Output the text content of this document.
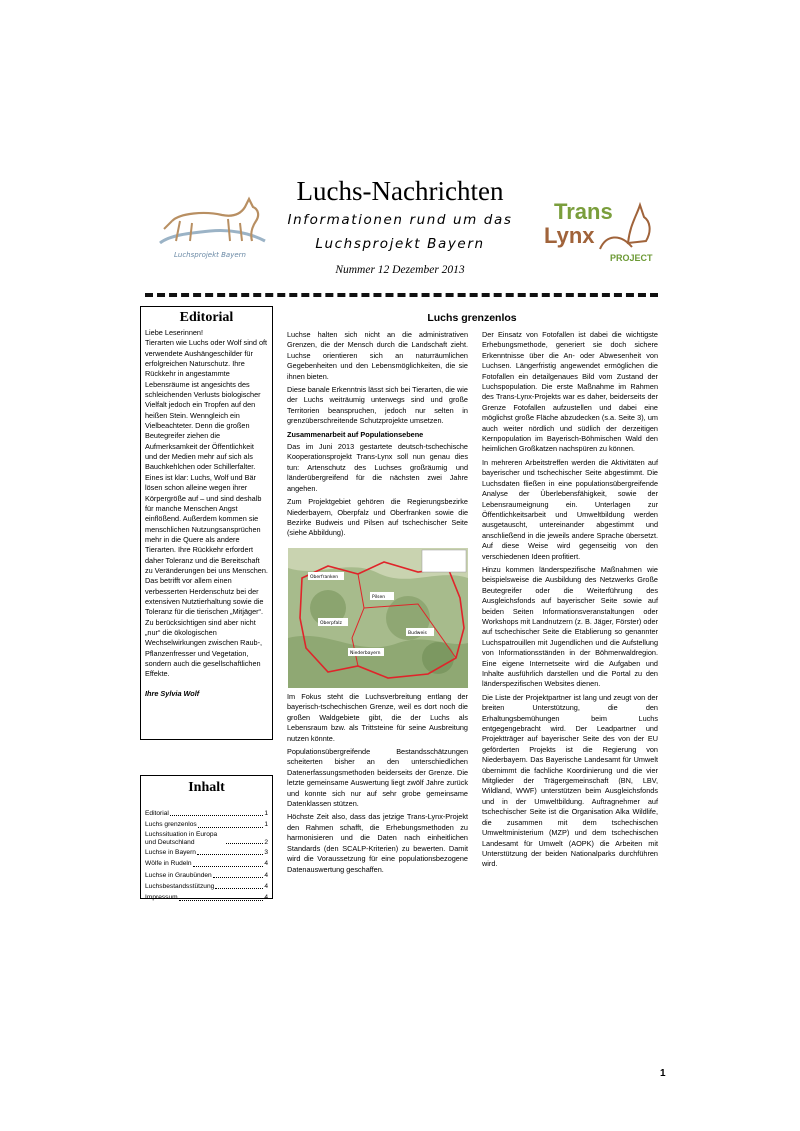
Luchs-Nachrichten
Informationen rund um das
Luchsprojekt Bayern
Nummer 12 Dezember 2013
Luchsprojekt Bayern
Trans
Lynx
PROJECT
Editorial

Liebe Leserinnen!

Tierarten wie Luchs oder Wolf sind oft verwendete Aushängeschilder für erfolgreichen Naturschutz. Ihre Rückkehr in angestammte Lebensräume ist angesichts des schleichenden Verlusts biologischer Vielfalt jedoch ein Tropfen auf den heißen Stein. Wenngleich ein Vielbeachteter. Denn die großen Beutegreifer ziehen die Aufmerksamkeit der Öffentlichkeit und der Medien mehr auf sich als Bauchkehlchen oder Schillerfalter. Eines ist klar: Luchs, Wolf und Bär lösen schon alleine wegen ihrer Körpergröße auf – und sind deshalb für manche Menschen Angst einflößend. Außerdem kommen sie menschlichen Nutzungsansprüchen mehr in die Quere als andere Tierarten. Ihre Rückkehr erfordert daher Toleranz und die Bereitschaft zu Veränderungen bei uns Menschen. Das betrifft vor allem einen verbesserten Herdenschutz bei der extensiven Nutztierhaltung sowie die Toleranz für die tierischen „Mitjäger“. Zu berücksichtigen sind aber nicht „nur“ die ökologischen Wechselwirkungen zwischen Raub-, Pflanzenfresser und Vegetation, sondern auch die gesellschaftlichen Effekte.

Ihre Sylvia Wolf

Inhalt
Editorial	1
Luchs grenzenlos	1
Luchssituation in Europa und Deutschland	2
Luchse in Bayern	3
Wölfe in Rudeln	4
Luchse in Graubünden	4
Luchsbestandsstützung	4
Impressum	4
Luchs grenzenlos

Luchse halten sich nicht an die administrativen Grenzen, die der Mensch durch die Landschaft zieht. Luchse orientieren sich an naturräumlichen Gegebenheiten und den Lebensmöglichkeiten, die sie ihnen bieten.

Diese banale Erkenntnis lässt sich bei Tierarten, die wie der Luchs weiträumig unterwegs sind und große Territorien beanspruchen, jedoch nur selten in grenzüberschreitende Schutzprojekte umsetzen.

Zusammenarbeit auf Populationsebene

Das im Juni 2013 gestartete deutsch-tschechische Kooperationsprojekt Trans-Lynx soll nun genau dies tun: Artenschutz des Luchses großräumig und länderübergreifend für die nächsten zwei Jahre angehen.

Zum Projektgebiet gehören die Regierungsbezirke Niederbayern, Oberpfalz und Oberfranken sowie die Bezirke Budweis und Pilsen auf tschechischer Seite (siehe Abbildung).

Oberfranken
Pilsen
Oberpfalz
Budweis
Niederbayern

Im Fokus steht die Luchsverbreitung entlang der bayerisch-tschechischen Grenze, weil es dort noch die großen Waldgebiete gibt, die der Luchs als Lebensraum bzw. als Trittsteine für seine Ausbreitung nutzen könnte.

Populationsübergreifende Bestandsschätzungen scheiterten bisher an den unterschiedlichen Datenerfassungsmethoden beiderseits der Grenze. Die letzte gemeinsame Auswertung liegt zwölf Jahre zurück und konnte sich nur auf sehr grobe gemeinsame Datenklassen stützen.

Höchste Zeit also, dass das jetzige Trans-Lynx-Projekt den Rahmen schafft, die Erhebungsmethoden zu harmonisieren und die Daten nach einheitlichen Standards (den SCALP-Kriterien) zu bewerten. Damit wird die Voraussetzung für eine populationsbezogene Datenauswertung geschaffen.

Der Einsatz von Fotofallen ist dabei die wichtigste Erhebungsmethode, generiert sie doch sichere Erkenntnisse über die An- oder Abwesenheit von Luchsen. Längerfristig angewendet ermöglichen die Fotofallen ein detailgenaues Bild vom Zustand der Luchspopulation. Die erste Maßnahme im Rahmen des Trans-Lynx-Projekts war es daher, beiderseits der Grenze Fotofallen aufzustellen und dabei eine möglichst große Fläche abzudecken (s.a. Seite 3), um auch weiter nördlich und südlich der derzeitigen Kernpopulation im Bayerisch-Böhmischen Wald den heimlichen Großkatzen nachspüren zu können.

In mehreren Arbeitstreffen werden die Aktivitäten auf bayerischer und tschechischer Seite abgestimmt. Die Luchsdaten fließen in eine populationsübergreifende Analyse der Überlebensfähigkeit, sowie der Lebensraumeignung ein. Unterlagen zur Öffentlichkeitsarbeit und Umweltbildung werden ausgetauscht, untereinander abgestimmt und anschließend in die jeweils andere Sprache übersetzt. Auf diese Weise wird gegenseitig von den verschiedenen Ideen profitiert.

Hinzu kommen länderspezifische Maßnahmen wie beispielsweise die Ausbildung des Netzwerks Große Beutegreifer oder die Weiterführung des Ausgleichsfonds auf bayerischer Seite sowie auf beiden Seiten Informationsveranstaltungen oder Workshops mit Landnutzern (z. B. Jäger, Förster) oder auf tschechischer Seite die Etablierung so genannter Luchspatrouillen mit Jugendlichen und die Aufstellung von Informationsständen in der Böhmerwaldregion. Eine eigene Internetseite wird die Aufgaben und Inhalte ausführlich darstellen und die Portal zu den länderspezifischen Websites dienen.

Die Liste der Projektpartner ist lang und zeugt von der breiten Unterstützung, die den Erhaltungsbemühungen beim Luchs entgegengebracht wird. Der Leadpartner und Projektträger auf bayerischer Seite des von der EU geförderten Projekts ist die Regierung von Niederbayern. Das Bayerische Landesamt für Umwelt übernimmt die fachliche Koordinierung und die vier Mitglieder der Trägergemeinschaft (BN, LBV, Wildland, WWF) unterstützen beim Ausgleichsfonds und in der Umweltbildung. Auftragnehmer auf tschechischer Seite ist die Organisation Alka Wildlife, die zusammen mit dem tschechischen Umweltministerium (MZP) und dem tschechischen Landesamt für Umwelt (AOPK) die Arbeiten mit Unterstützung der beiden Nationalparks durchführen wird.

1
